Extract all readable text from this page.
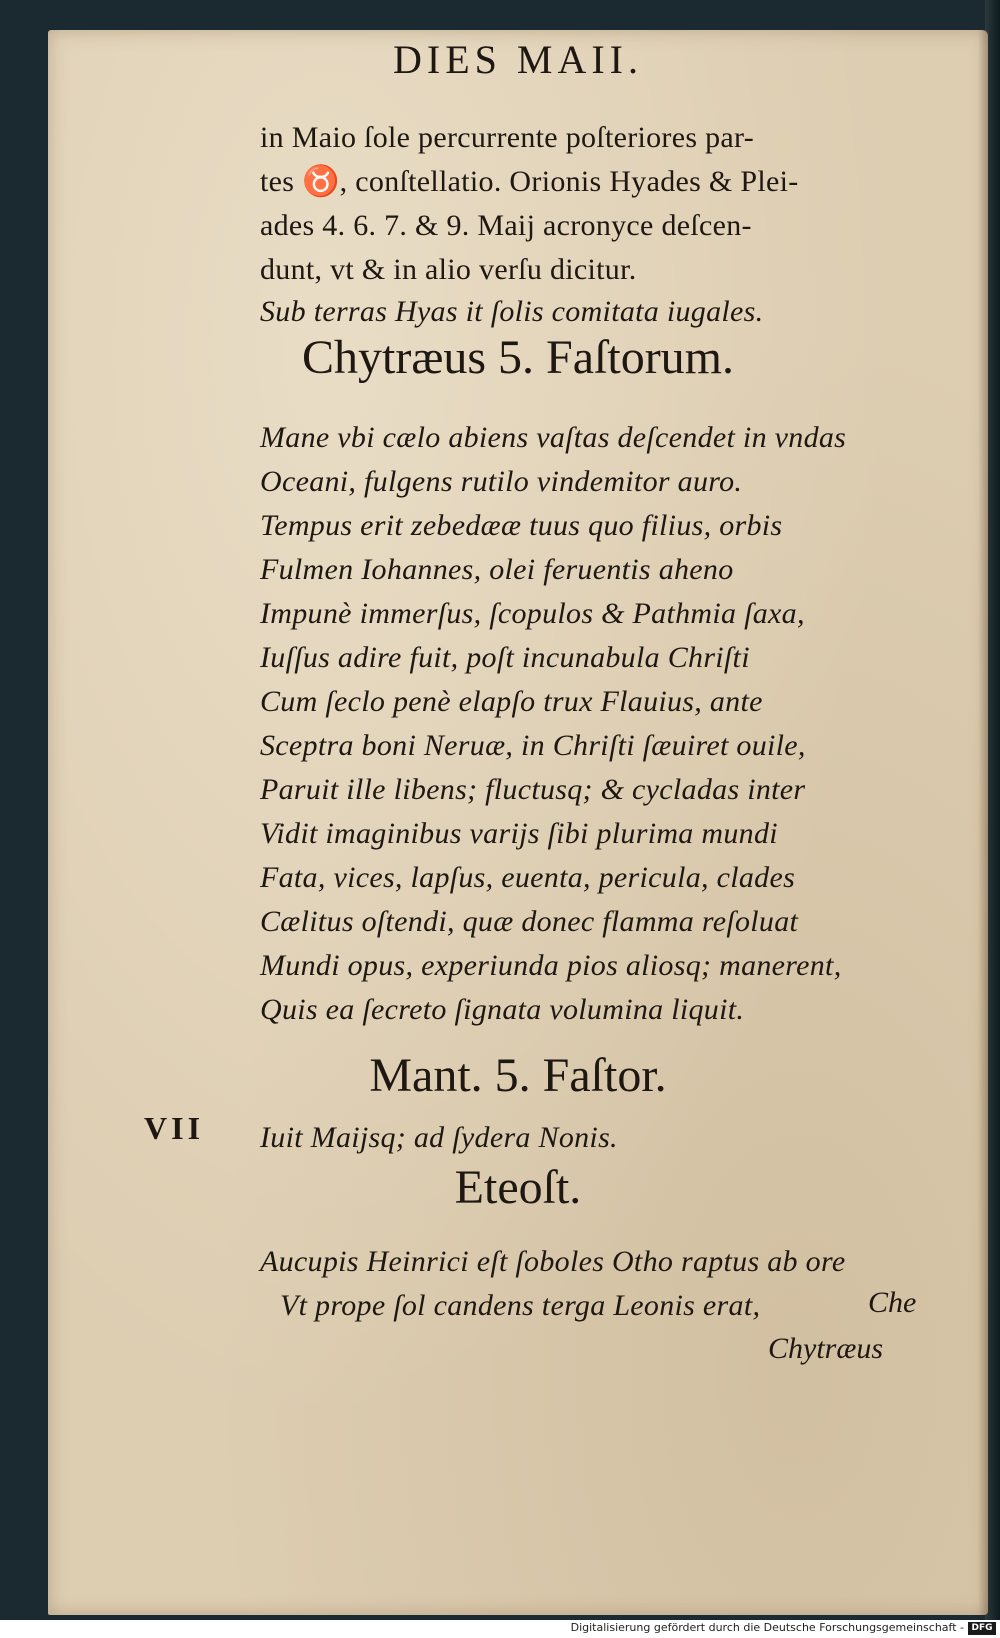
DIES MAII.
in Maio ſole percurrente poſteriores par-
tes ♉, conſtellatio. Orionis Hyades & Plei-
ades 4. 6. 7. & 9. Maij acronyce deſcen-
dunt, vt & in alio verſu dicitur.
Sub terras Hyas it ſolis comitata iugales.
Chytræus 5. Faſtorum.
Mane vbi cælo abiens vaſtas deſcendet in vndas
Oceani, fulgens rutilo vindemitor auro.
Tempus erit zebedææ tuus quo filius, orbis
Fulmen Iohannes, olei feruentis aheno
Impunè immerſus, ſcopulos & Pathmia ſaxa,
Iuſſus adire fuit, poſt incunabula Chriſti
Cum ſeclo penè elapſo trux Flauius, ante
Sceptra boni Neruæ, in Chriſti ſæuiret ouile,
Paruit ille libens; fluctusq; & cycladas inter
Vidit imaginibus varijs ſibi plurima mundi
Fata, vices, lapſus, euenta, pericula, clades
Cælitus oſtendi, quæ donec flamma reſoluat
Mundi opus, experiunda pios aliosq; manerent,
Quis ea ſecreto ſignata volumina liquit.
Mant. 5. Faſtor.
VII Iuit Maijsq; ad ſydera Nonis.
Eteoſt.
Aucupis Heinrici eſt ſoboles Otho raptus ab ore
Vt prope ſol candens terga Leonis erat,	Che
Chytræus
Digitalisierung gefördert durch die Deutsche Forschungsgemeinschaft - DFG
